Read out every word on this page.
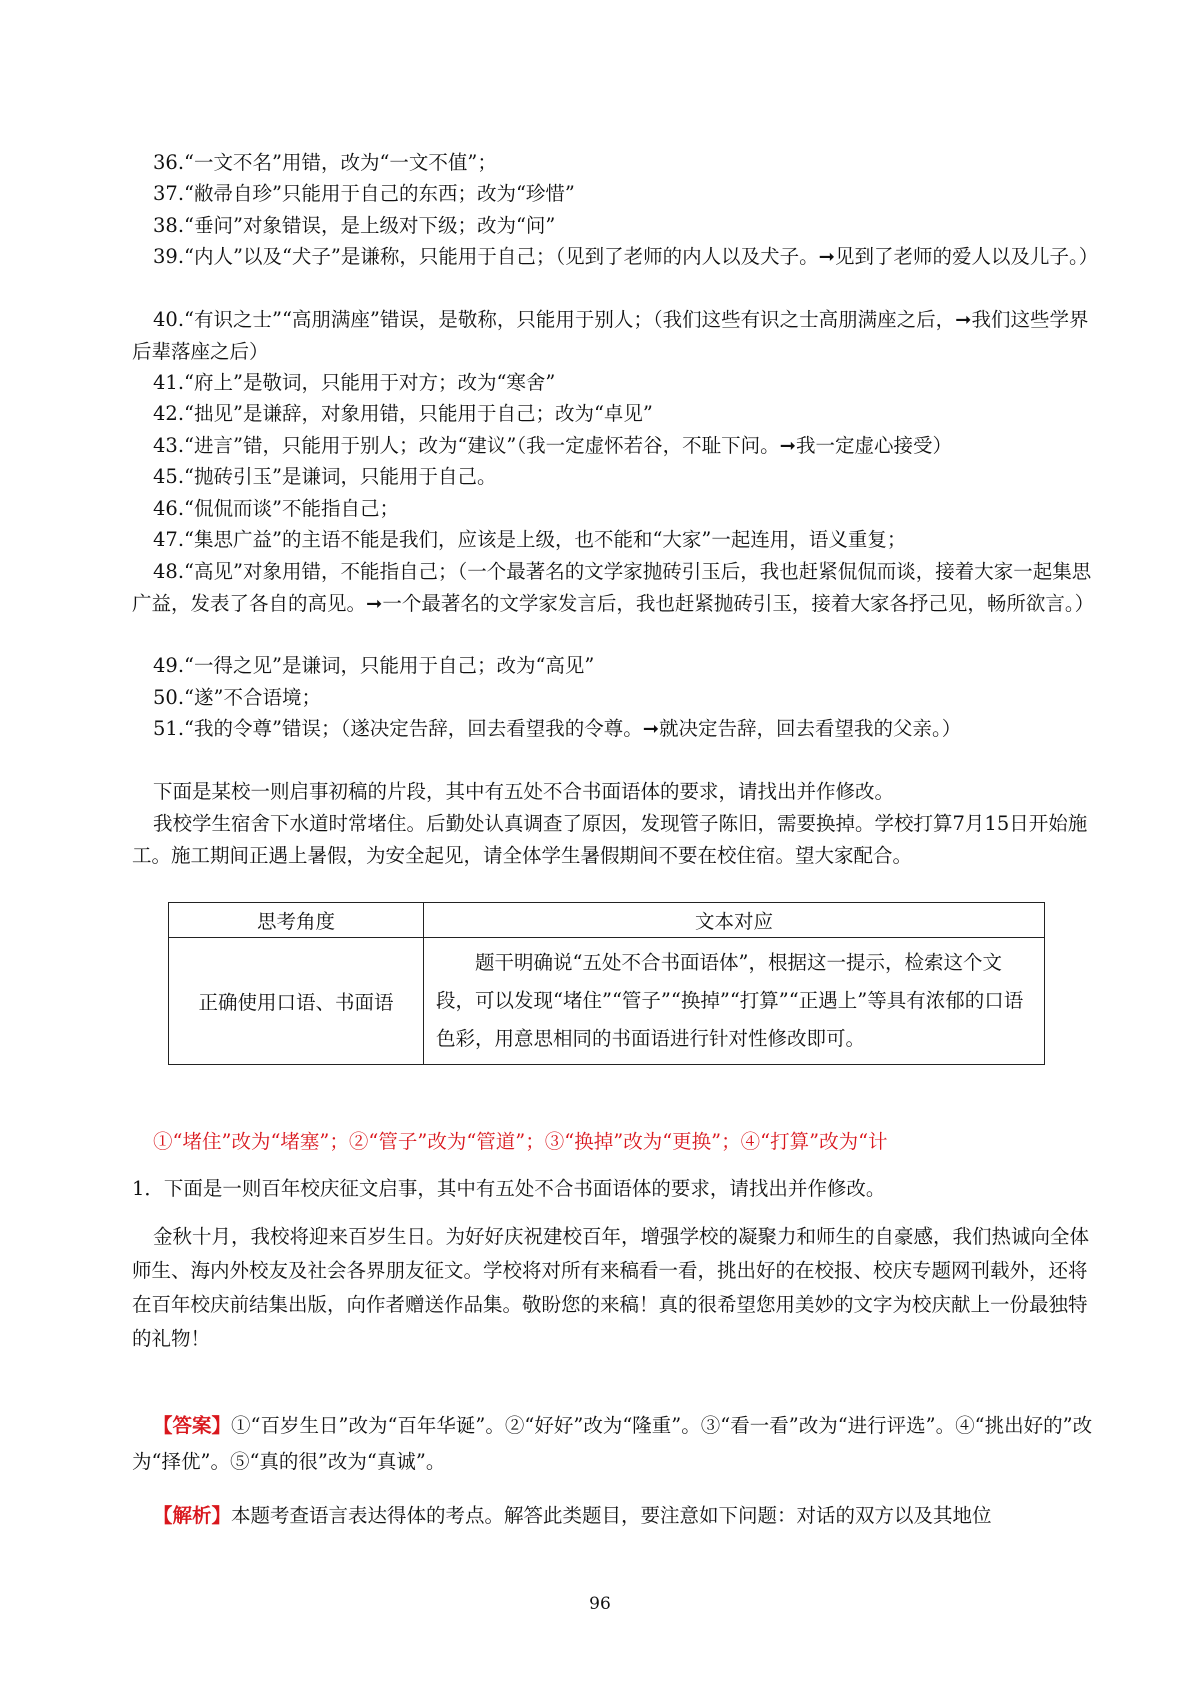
36.“一文不名”用错，改为“一文不值”；

37.“敝帚自珍”只能用于自己的东西；改为“珍惜”

38.“垂问”对象错误，是上级对下级；改为“问”

39.“内人”以及“犬子”是谦称，只能用于自己；（见到了老师的内人以及犬子。➞见到了老师的爱人以及儿子。）

40.“有识之士”“高朋满座”错误，是敬称，只能用于别人；（我们这些有识之士高朋满座之后，➞我们这些学界后辈落座之后）

41.“府上”是敬词，只能用于对方；改为“寒舍”

42.“拙见”是谦辞，对象用错，只能用于自己；改为“卓见”

43.“进言”错，只能用于别人；改为“建议”（我一定虚怀若谷，不耻下问。➞我一定虚心接受）

45.“抛砖引玉”是谦词，只能用于自己。

46.“侃侃而谈”不能指自己；

47.“集思广益”的主语不能是我们，应该是上级，也不能和“大家”一起连用，语义重复；

48.“高见”对象用错，不能指自己；（一个最著名的文学家抛砖引玉后，我也赶紧侃侃而谈，接着大家一起集思广益，发表了各自的高见。➞一个最著名的文学家发言后，我也赶紧抛砖引玉，接着大家各抒己见，畅所欲言。）

49.“一得之见”是谦词，只能用于自己；改为“高见”

50.“遂”不合语境；

51.“我的令尊”错误；（遂决定告辞，回去看望我的令尊。➞就决定告辞，回去看望我的父亲。）

下面是某校一则启事初稿的片段，其中有五处不合书面语体的要求，请找出并作修改。

我校学生宿舍下水道时常堵住。后勤处认真调查了原因，发现管子陈旧，需要换掉。学校打算7月15日开始施工。施工期间正遇上暑假，为安全起见，请全体学生暑假期间不要在校住宿。望大家配合。

思考角度	文本对应
正确使用口语、书面语	题干明确说“五处不合书面语体”，根据这一提示，检索这个文段，可以发现“堵住”“管子”“换掉”“打算”“正遇上”等具有浓郁的口语色彩，用意思相同的书面语进行针对性修改即可。

①“堵住”改为“堵塞”；②“管子”改为“管道”；③“换掉”改为“更换”；④“打算”改为“计

1．下面是一则百年校庆征文启事，其中有五处不合书面语体的要求，请找出并作修改。

金秋十月，我校将迎来百岁生日。为好好庆祝建校百年，增强学校的凝聚力和师生的自豪感，我们热诚向全体师生、海内外校友及社会各界朋友征文。学校将对所有来稿看一看，挑出好的在校报、校庆专题网刊载外，还将在百年校庆前结集出版，向作者赠送作品集。敬盼您的来稿！真的很希望您用美妙的文字为校庆献上一份最独特的礼物！

【答案】①“百岁生日”改为“百年华诞”。②“好好”改为“隆重”。③“看一看”改为“进行评选”。④“挑出好的”改为“择优”。⑤“真的很”改为“真诚”。

【解析】本题考查语言表达得体的考点。解答此类题目，要注意如下问题：对话的双方以及其地位

96
